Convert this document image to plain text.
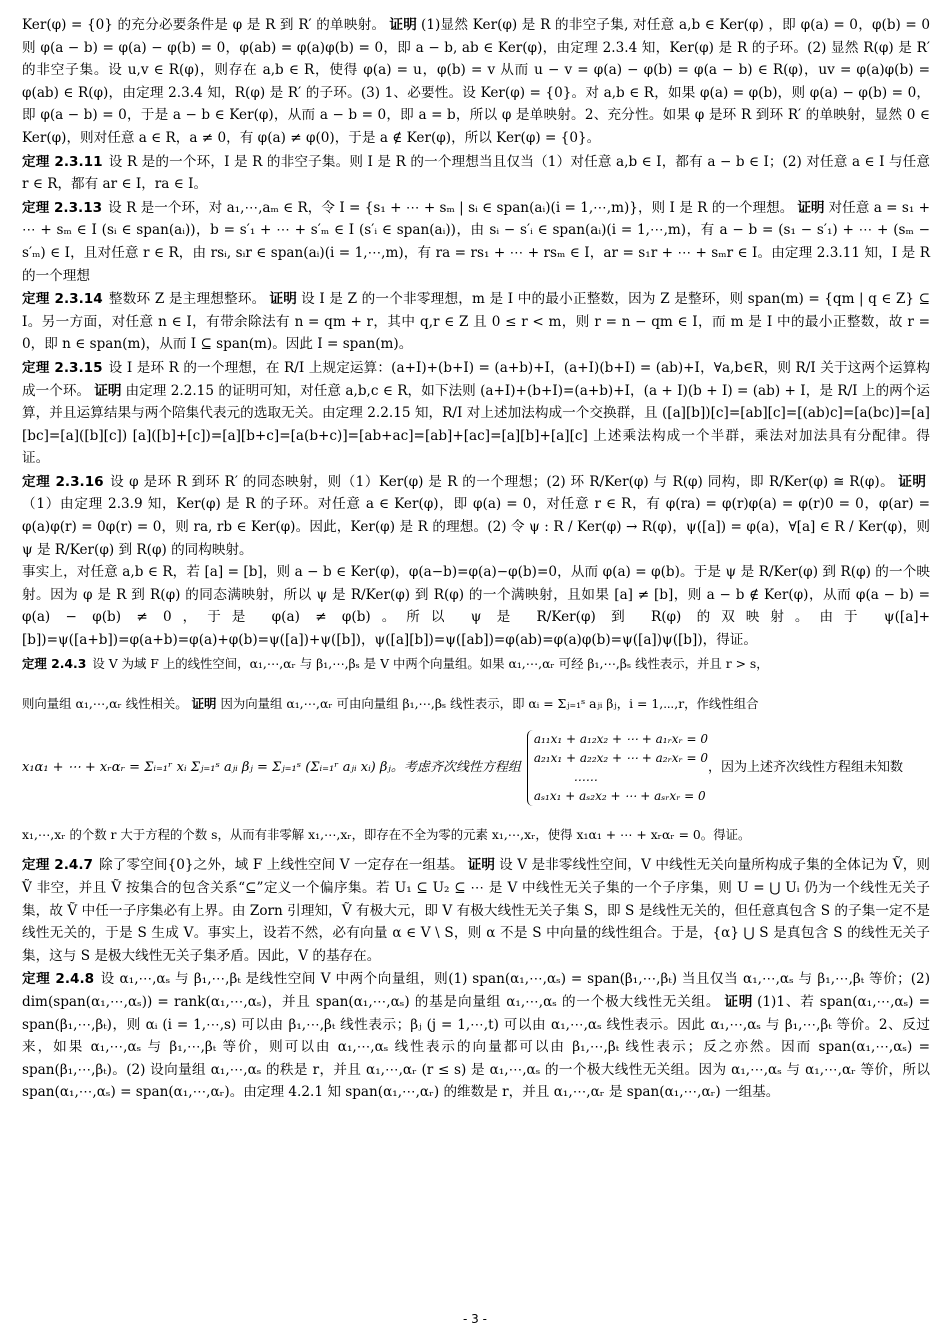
Ker(φ) = {0} 的充分必要条件是 φ 是 R 到 R′ 的单映射。 证明 (1)显然 Ker(φ) 是 R 的非空子集, 对任意 a,b ∈ Ker(φ) ，即 φ(a) = 0，φ(b) = 0 则 φ(a − b) = φ(a) − φ(b) = 0，φ(ab) = φ(a)φ(b) = 0，即 a − b, ab ∈ Ker(φ)，由定理 2.3.4 知，Ker(φ) 是 R 的子环。(2) 显然 R(φ) 是 R′ 的非空子集。设 u,v ∈ R(φ)，则存在 a,b ∈ R，使得 φ(a) = u，φ(b) = v 从而 u − v = φ(a) − φ(b) = φ(a − b) ∈ R(φ)，uv = φ(a)φ(b) = φ(ab) ∈ R(φ)，由定理 2.3.4 知，R(φ) 是 R′ 的子环。(3) 1、必要性。设 Ker(φ) = {0}。对 a,b ∈ R，如果 φ(a) = φ(b)，则 φ(a) − φ(b) = 0，即 φ(a − b) = 0，于是 a − b ∈ Ker(φ)，从而 a − b = 0，即 a = b，所以 φ 是单映射。2、充分性。如果 φ 是环 R 到环 R′ 的单映射，显然 0 ∈ Ker(φ)，则对任意 a ∈ R，a ≠ 0，有 φ(a) ≠ φ(0)，于是 a ∉ Ker(φ)，所以 Ker(φ) = {0}。

定理 2.3.11 设 R 是的一个环，I 是 R 的非空子集。则 I 是 R 的一个理想当且仅当（1）对任意 a,b ∈ I，都有 a − b ∈ I；(2) 对任意 a ∈ I 与任意 r ∈ R，都有 ar ∈ I，ra ∈ I。

定理 2.3.13 设 R 是一个环，对 a₁,⋯,aₘ ∈ R，令 I = {s₁ + ⋯ + sₘ | sᵢ ∈ span(aᵢ)(i = 1,⋯,m)}，则 I 是 R 的一个理想。 证明 对任意 a = s₁ + ⋯ + sₘ ∈ I (sᵢ ∈ span(aᵢ))，b = s′₁ + ⋯ + s′ₘ ∈ I (s′ᵢ ∈ span(aᵢ))，由 sᵢ − s′ᵢ ∈ span(aᵢ)(i = 1,⋯,m)，有 a − b = (s₁ − s′₁) + ⋯ + (sₘ − s′ₘ) ∈ I，且对任意 r ∈ R，由 rsᵢ, sᵢr ∈ span(aᵢ)(i = 1,⋯,m)，有 ra = rs₁ + ⋯ + rsₘ ∈ I，ar = s₁r + ⋯ + sₘr ∈ I。由定理 2.3.11 知，I 是 R 的一个理想

定理 2.3.14 整数环 Z 是主理想整环。 证明 设 I 是 Z 的一个非零理想，m 是 I 中的最小正整数，因为 Z 是整环，则 span(m) = {qm | q ∈ Z} ⊆ I。另一方面，对任意 n ∈ I，有带余除法有 n = qm + r，其中 q,r ∈ Z 且 0 ≤ r < m，则 r = n − qm ∈ I，而 m 是 I 中的最小正整数，故 r = 0，即 n ∈ span(m)，从而 I ⊆ span(m)。因此 I = span(m)。

定理 2.3.15 设 I 是环 R 的一个理想，在 R/I 上规定运算：(a+I)+(b+I) = (a+b)+I，(a+I)(b+I) = (ab)+I，∀a,b∈R，则 R/I 关于这两个运算构成一个环。 证明 由定理 2.2.15 的证明可知，对任意 a,b,c ∈ R，如下法则 (a+I)+(b+I)=(a+b)+I，(a + I)(b + I) = (ab) + I，是 R/I 上的两个运算，并且运算结果与两个陪集代表元的选取无关。由定理 2.2.15 知，R/I 对上述加法构成一个交换群，且 ([a][b])[c]=[ab][c]=[(ab)c]=[a(bc)]=[a][bc]=[a]([b][c]) [a]([b]+[c])=[a][b+c]=[a(b+c)]=[ab+ac]=[ab]+[ac]=[a][b]+[a][c] 上述乘法构成一个半群，乘法对加法具有分配律。得证。

定理 2.3.16 设 φ 是环 R 到环 R′ 的同态映射，则（1）Ker(φ) 是 R 的一个理想；(2) 环 R/Ker(φ) 与 R(φ) 同构，即 R/Ker(φ) ≅ R(φ)。 证明（1）由定理 2.3.9 知，Ker(φ) 是 R 的子环。对任意 a ∈ Ker(φ)，即 φ(a) = 0，对任意 r ∈ R，有 φ(ra) = φ(r)φ(a) = φ(r)0 = 0，φ(ar) = φ(a)φ(r) = 0φ(r) = 0，则 ra, rb ∈ Ker(φ)。因此，Ker(φ) 是 R 的理想。(2) 令 ψ : R / Ker(φ) → R(φ)，ψ([a]) = φ(a)，∀[a] ∈ R / Ker(φ)，则 ψ 是 R/Ker(φ) 到 R(φ) 的同构映射。

事实上，对任意 a,b ∈ R，若 [a] = [b]，则 a − b ∈ Ker(φ)，φ(a−b)=φ(a)−φ(b)=0，从而 φ(a) = φ(b)。于是 ψ 是 R/Ker(φ) 到 R(φ) 的一个映射。因为 φ 是 R 到 R(φ) 的同态满映射，所以 ψ 是 R/Ker(φ) 到 R(φ) 的一个满映射，且如果 [a] ≠ [b]，则 a − b ∉ Ker(φ)，从而 φ(a − b) = φ(a) − φ(b) ≠ 0，于是 φ(a) ≠ φ(b)。所以 ψ 是 R/Ker(φ) 到 R(φ) 的双映射。由于 ψ([a]+[b])=ψ([a+b])=φ(a+b)=φ(a)+φ(b)=ψ([a])+ψ([b])，ψ([a][b])=ψ([ab])=φ(ab)=φ(a)φ(b)=ψ([a])ψ([b])，得证。

定理 2.4.3 设 V 为域 F 上的线性空间，α₁,⋯,αᵣ 与 β₁,⋯,βₛ 是 V 中两个向量组。如果 α₁,⋯,αᵣ 可经 β₁,⋯,βₛ 线性表示，并且 r > s，

则向量组 α₁,⋯,αᵣ 线性相关。 证明 因为向量组 α₁,⋯,αᵣ 可由向量组 β₁,⋯,βₛ 线性表示，即 αᵢ = Σⱼ₌₁ˢ aⱼᵢ βⱼ，i = 1,⋯,r，作线性组合

x₁α₁ + ⋯ + xᵣαᵣ = Σᵢ₌₁ʳ xᵢ Σⱼ₌₁ˢ aⱼᵢ βⱼ = Σⱼ₌₁ˢ (Σᵢ₌₁ʳ aⱼᵢ xᵢ) βⱼ。考虑齐次线性方程组
a₁₁x₁ + a₁₂x₂ + ⋯ + a₁ᵣxᵣ = 0
a₂₁x₁ + a₂₂x₂ + ⋯ + a₂ᵣxᵣ = 0
……
aₛ₁x₁ + aₛ₂x₂ + ⋯ + aₛᵣxᵣ = 0
，因为上述齐次线性方程组未知数

x₁,⋯,xᵣ 的个数 r 大于方程的个数 s，从而有非零解 x₁,⋯,xᵣ，即存在不全为零的元素 x₁,⋯,xᵣ，使得 x₁α₁ + ⋯ + xᵣαᵣ = 0。得证。

定理 2.4.7 除了零空间{0}之外，域 F 上线性空间 V 一定存在一组基。 证明 设 V 是非零线性空间，V 中线性无关向量所构成子集的全体记为 Ṽ，则 Ṽ 非空，并且 Ṽ 按集合的包含关系“⊆”定义一个偏序集。若 U₁ ⊆ U₂ ⊆ ⋯ 是 V 中线性无关子集的一个子序集，则 U = ⋃ Uᵢ 仍为一个线性无关子集，故 Ṽ 中任一子序集必有上界。由 Zorn 引理知，Ṽ 有极大元，即 V 有极大线性无关子集 S，即 S 是线性无关的，但任意真包含 S 的子集一定不是线性无关的，于是 S 生成 V。事实上，设若不然，必有向量 α ∈ V \ S，则 α 不是 S 中向量的线性组合。于是，{α} ⋃ S 是真包含 S 的线性无关子集，这与 S 是极大线性无关子集矛盾。因此，V 的基存在。

定理 2.4.8 设 α₁,⋯,αₛ 与 β₁,⋯,βₜ 是线性空间 V 中两个向量组，则(1) span(α₁,⋯,αₛ) = span(β₁,⋯,βₜ) 当且仅当 α₁,⋯,αₛ 与 β₁,⋯,βₜ 等价；(2) dim(span(α₁,⋯,αₛ)) = rank(α₁,⋯,αₛ)，并且 span(α₁,⋯,αₛ) 的基是向量组 α₁,⋯,αₛ 的一个极大线性无关组。 证明 (1)1、若 span(α₁,⋯,αₛ) = span(β₁,⋯,βₜ)，则 αᵢ (i = 1,⋯,s) 可以由 β₁,⋯,βₜ 线性表示；βⱼ (j = 1,⋯,t) 可以由 α₁,⋯,αₛ 线性表示。因此 α₁,⋯,αₛ 与 β₁,⋯,βₜ 等价。2、反过来，如果 α₁,⋯,αₛ 与 β₁,⋯,βₜ 等价，则可以由 α₁,⋯,αₛ 线性表示的向量都可以由 β₁,⋯,βₜ 线性表示；反之亦然。因而 span(α₁,⋯,αₛ) = span(β₁,⋯,βₜ)。(2) 设向量组 α₁,⋯,αₛ 的秩是 r，并且 α₁,⋯,αᵣ (r ≤ s) 是 α₁,⋯,αₛ 的一个极大线性无关组。因为 α₁,⋯,αₛ 与 α₁,⋯,αᵣ 等价，所以 span(α₁,⋯,αₛ) = span(α₁,⋯,αᵣ)。由定理 4.2.1 知 span(α₁,⋯,αᵣ) 的维数是 r，并且 α₁,⋯,αᵣ 是 span(α₁,⋯,αᵣ) 一组基。

- 3 -
